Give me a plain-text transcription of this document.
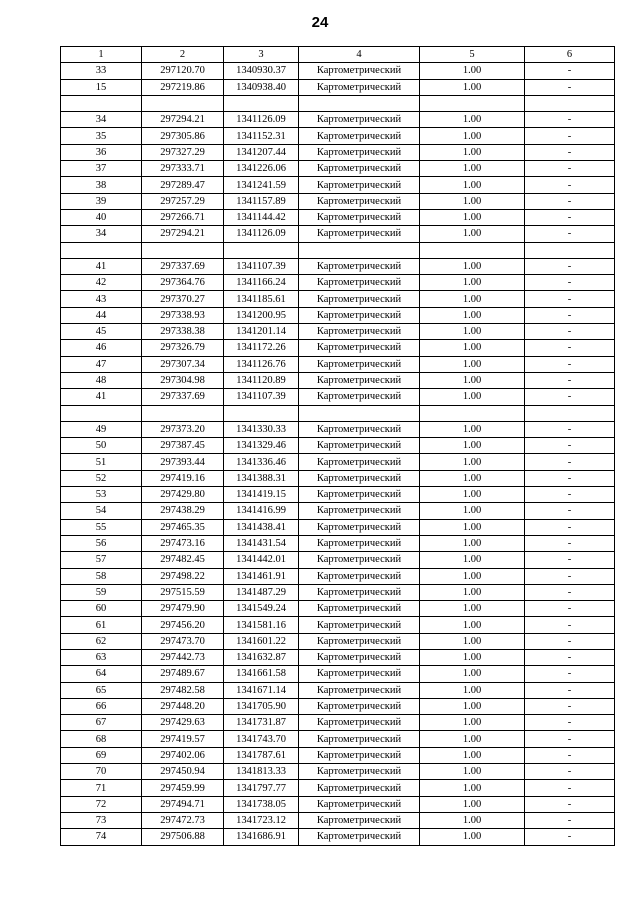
24
1	2	3	4	5	6
33	297120.70	1340930.37	Картометрический	1.00	-
15	297219.86	1340938.40	Картометрический	1.00	-

34	297294.21	1341126.09	Картометрический	1.00	-
35	297305.86	1341152.31	Картометрический	1.00	-
36	297327.29	1341207.44	Картометрический	1.00	-
37	297333.71	1341226.06	Картометрический	1.00	-
38	297289.47	1341241.59	Картометрический	1.00	-
39	297257.29	1341157.89	Картометрический	1.00	-
40	297266.71	1341144.42	Картометрический	1.00	-
34	297294.21	1341126.09	Картометрический	1.00	-

41	297337.69	1341107.39	Картометрический	1.00	-
42	297364.76	1341166.24	Картометрический	1.00	-
43	297370.27	1341185.61	Картометрический	1.00	-
44	297338.93	1341200.95	Картометрический	1.00	-
45	297338.38	1341201.14	Картометрический	1.00	-
46	297326.79	1341172.26	Картометрический	1.00	-
47	297307.34	1341126.76	Картометрический	1.00	-
48	297304.98	1341120.89	Картометрический	1.00	-
41	297337.69	1341107.39	Картометрический	1.00	-

49	297373.20	1341330.33	Картометрический	1.00	-
50	297387.45	1341329.46	Картометрический	1.00	-
51	297393.44	1341336.46	Картометрический	1.00	-
52	297419.16	1341388.31	Картометрический	1.00	-
53	297429.80	1341419.15	Картометрический	1.00	-
54	297438.29	1341416.99	Картометрический	1.00	-
55	297465.35	1341438.41	Картометрический	1.00	-
56	297473.16	1341431.54	Картометрический	1.00	-
57	297482.45	1341442.01	Картометрический	1.00	-
58	297498.22	1341461.91	Картометрический	1.00	-
59	297515.59	1341487.29	Картометрический	1.00	-
60	297479.90	1341549.24	Картометрический	1.00	-
61	297456.20	1341581.16	Картометрический	1.00	-
62	297473.70	1341601.22	Картометрический	1.00	-
63	297442.73	1341632.87	Картометрический	1.00	-
64	297489.67	1341661.58	Картометрический	1.00	-
65	297482.58	1341671.14	Картометрический	1.00	-
66	297448.20	1341705.90	Картометрический	1.00	-
67	297429.63	1341731.87	Картометрический	1.00	-
68	297419.57	1341743.70	Картометрический	1.00	-
69	297402.06	1341787.61	Картометрический	1.00	-
70	297450.94	1341813.33	Картометрический	1.00	-
71	297459.99	1341797.77	Картометрический	1.00	-
72	297494.71	1341738.05	Картометрический	1.00	-
73	297472.73	1341723.12	Картометрический	1.00	-
74	297506.88	1341686.91	Картометрический	1.00	-
